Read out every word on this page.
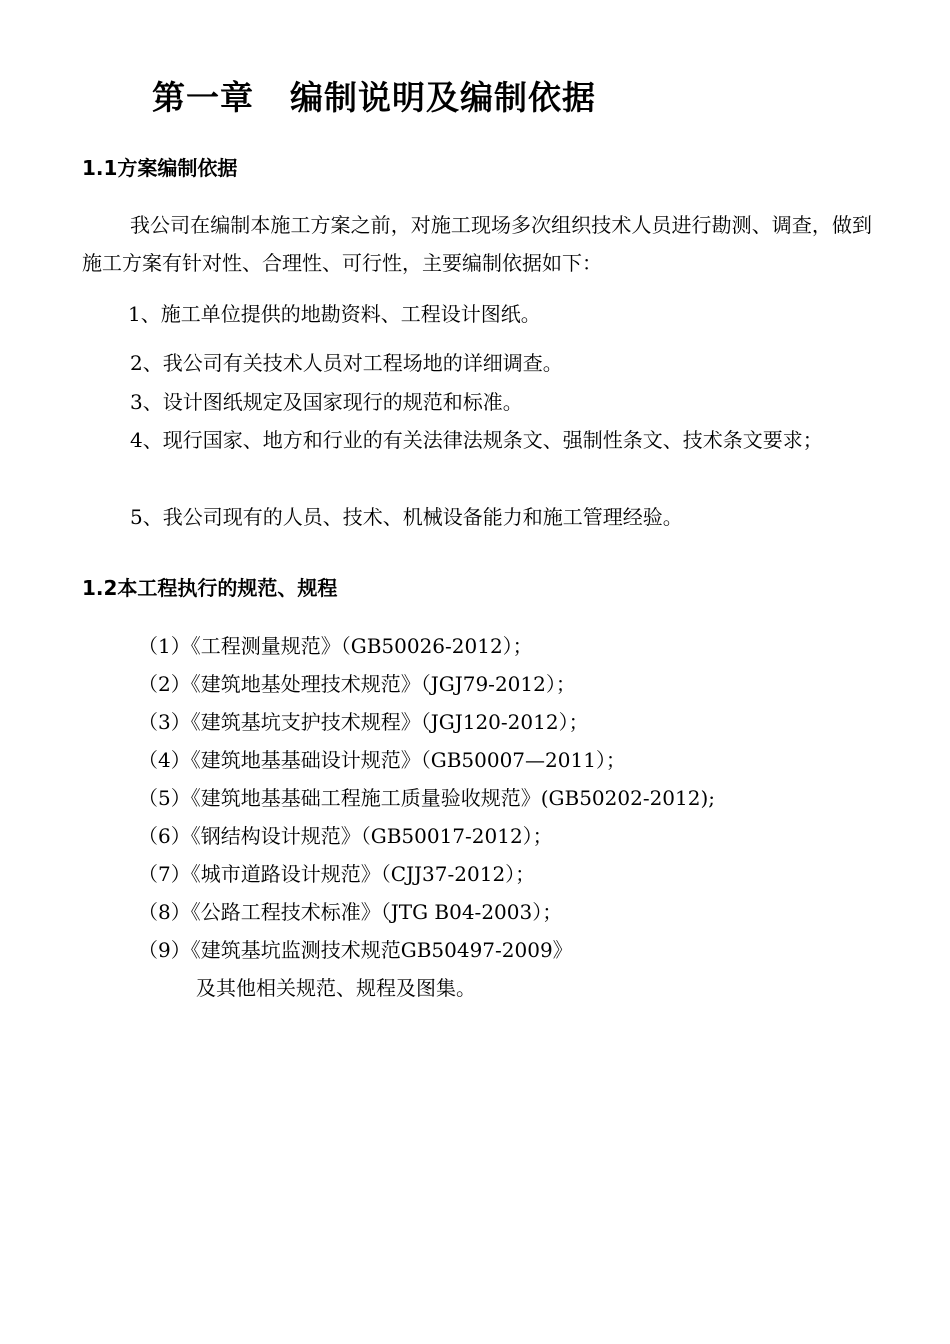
第一章 编制说明及编制依据
1.1方案编制依据

我公司在编制本施工方案之前，对施工现场多次组织技术人员进行勘测、调查，做到施工方案有针对性、合理性、可行性，主要编制依据如下：

1、施工单位提供的地勘资料、工程设计图纸。

2、我公司有关技术人员对工程场地的详细调查。

3、设计图纸规定及国家现行的规范和标准。

4、现行国家、地方和行业的有关法律法规条文、强制性条文、技术条文要求；

5、我公司现有的人员、技术、机械设备能力和施工管理经验。

1.2本工程执行的规范、规程

（1）《工程测量规范》（GB50026-2012）；

（2）《建筑地基处理技术规范》（JGJ79-2012）；

（3）《建筑基坑支护技术规程》（JGJ120-2012）；

（4）《建筑地基基础设计规范》（GB50007—2011）；

（5）《建筑地基基础工程施工质量验收规范》(GB50202-2012);

（6）《钢结构设计规范》（GB50017-2012）；

（7）《城市道路设计规范》（CJJ37-2012）；

（8）《公路工程技术标准》（JTG B04-2003）；

（9）《建筑基坑监测技术规范GB50497-2009》

及其他相关规范、规程及图集。
